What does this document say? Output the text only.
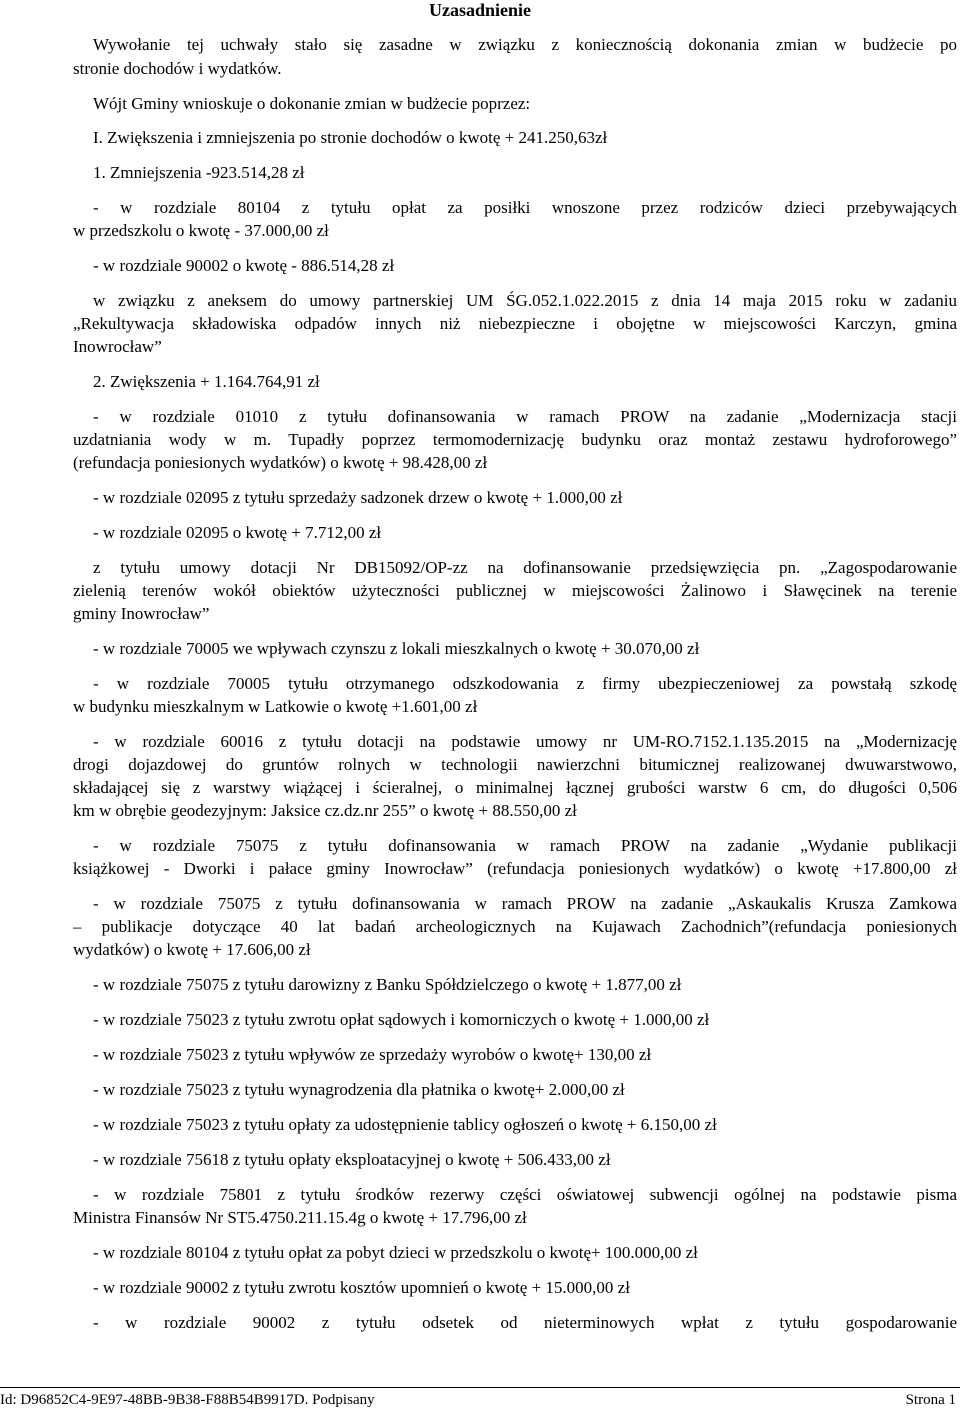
Uzasadnienie

Wywołanie tej uchwały stało się zasadne w związku z koniecznością dokonania zmian w budżecie po

stronie dochodów i wydatków.

Wójt Gminy wnioskuje o dokonanie zmian w budżecie poprzez:

I. Zwiększenia i zmniejszenia po stronie dochodów o kwotę + 241.250,63zł

1. Zmniejszenia -923.514,28 zł

- w rozdziale 80104 z tytułu opłat za posiłki wnoszone przez rodziców dzieci przebywających

w przedszkolu o kwotę - 37.000,00 zł

- w rozdziale 90002 o kwotę - 886.514,28 zł

w związku z aneksem do umowy partnerskiej UM ŚG.052.1.022.2015 z dnia 14 maja 2015 roku w zadaniu

„Rekultywacja składowiska odpadów innych niż niebezpieczne i obojętne w miejscowości Karczyn, gmina

Inowrocław”

2. Zwiększenia + 1.164.764,91 zł

- w rozdziale 01010 z tytułu dofinansowania w ramach PROW na zadanie „Modernizacja stacji

uzdatniania wody w m. Tupadły poprzez termomodernizację budynku oraz montaż zestawu hydroforowego”

(refundacja poniesionych wydatków) o kwotę + 98.428,00 zł

- w rozdziale 02095 z tytułu sprzedaży sadzonek drzew o kwotę + 1.000,00 zł

- w rozdziale 02095 o kwotę + 7.712,00 zł

z tytułu umowy dotacji Nr DB15092/OP-zz na dofinansowanie przedsięwzięcia pn. „Zagospodarowanie

zielenią terenów wokół obiektów użyteczności publicznej w miejscowości Żalinowo i Sławęcinek na terenie

gminy Inowrocław”

- w rozdziale 70005 we wpływach czynszu z lokali mieszkalnych o kwotę + 30.070,00 zł

- w rozdziale 70005 tytułu otrzymanego odszkodowania z firmy ubezpieczeniowej za powstałą szkodę

w budynku mieszkalnym w Latkowie o kwotę +1.601,00 zł

- w rozdziale 60016 z tytułu dotacji na podstawie umowy nr UM-RO.7152.1.135.2015 na „Modernizację

drogi dojazdowej do gruntów rolnych w technologii nawierzchni bitumicznej realizowanej dwuwarstwowo,

składającej się z warstwy wiążącej i ścieralnej, o minimalnej łącznej grubości warstw 6 cm, do długości 0,506

km w obrębie geodezyjnym: Jaksice cz.dz.nr 255” o kwotę + 88.550,00 zł

- w rozdziale 75075 z tytułu dofinansowania w ramach PROW na zadanie „Wydanie publikacji

książkowej - Dworki i pałace gminy Inowrocław” (refundacja poniesionych wydatków) o kwotę +17.800,00 zł

- w rozdziale 75075 z tytułu dofinansowania w ramach PROW na zadanie „Askaukalis Krusza Zamkowa

– publikacje dotyczące 40 lat badań archeologicznych na Kujawach Zachodnich”(refundacja poniesionych

wydatków) o kwotę + 17.606,00 zł

- w rozdziale 75075 z tytułu darowizny z Banku Spółdzielczego o kwotę + 1.877,00 zł

- w rozdziale 75023 z tytułu zwrotu opłat sądowych i komorniczych o kwotę + 1.000,00 zł

- w rozdziale 75023 z tytułu wpływów ze sprzedaży wyrobów o kwotę+ 130,00 zł

- w rozdziale 75023 z tytułu wynagrodzenia dla płatnika o kwotę+ 2.000,00 zł

- w rozdziale 75023 z tytułu opłaty za udostępnienie tablicy ogłoszeń o kwotę + 6.150,00 zł

- w rozdziale 75618 z tytułu opłaty eksploatacyjnej o kwotę + 506.433,00 zł

- w rozdziale 75801 z tytułu środków rezerwy części oświatowej subwencji ogólnej na podstawie pisma

Ministra Finansów Nr ST5.4750.211.15.4g o kwotę + 17.796,00 zł

- w rozdziale 80104 z tytułu opłat za pobyt dzieci w przedszkolu o kwotę+ 100.000,00 zł

- w rozdziale 90002 z tytułu zwrotu kosztów upomnień o kwotę + 15.000,00 zł

- w rozdziale 90002 z tytułu odsetek od nieterminowych wpłat z tytułu gospodarowanie

Id: D96852C4-9E97-48BB-9B38-F88B54B9917D. Podpisany	Strona 1
